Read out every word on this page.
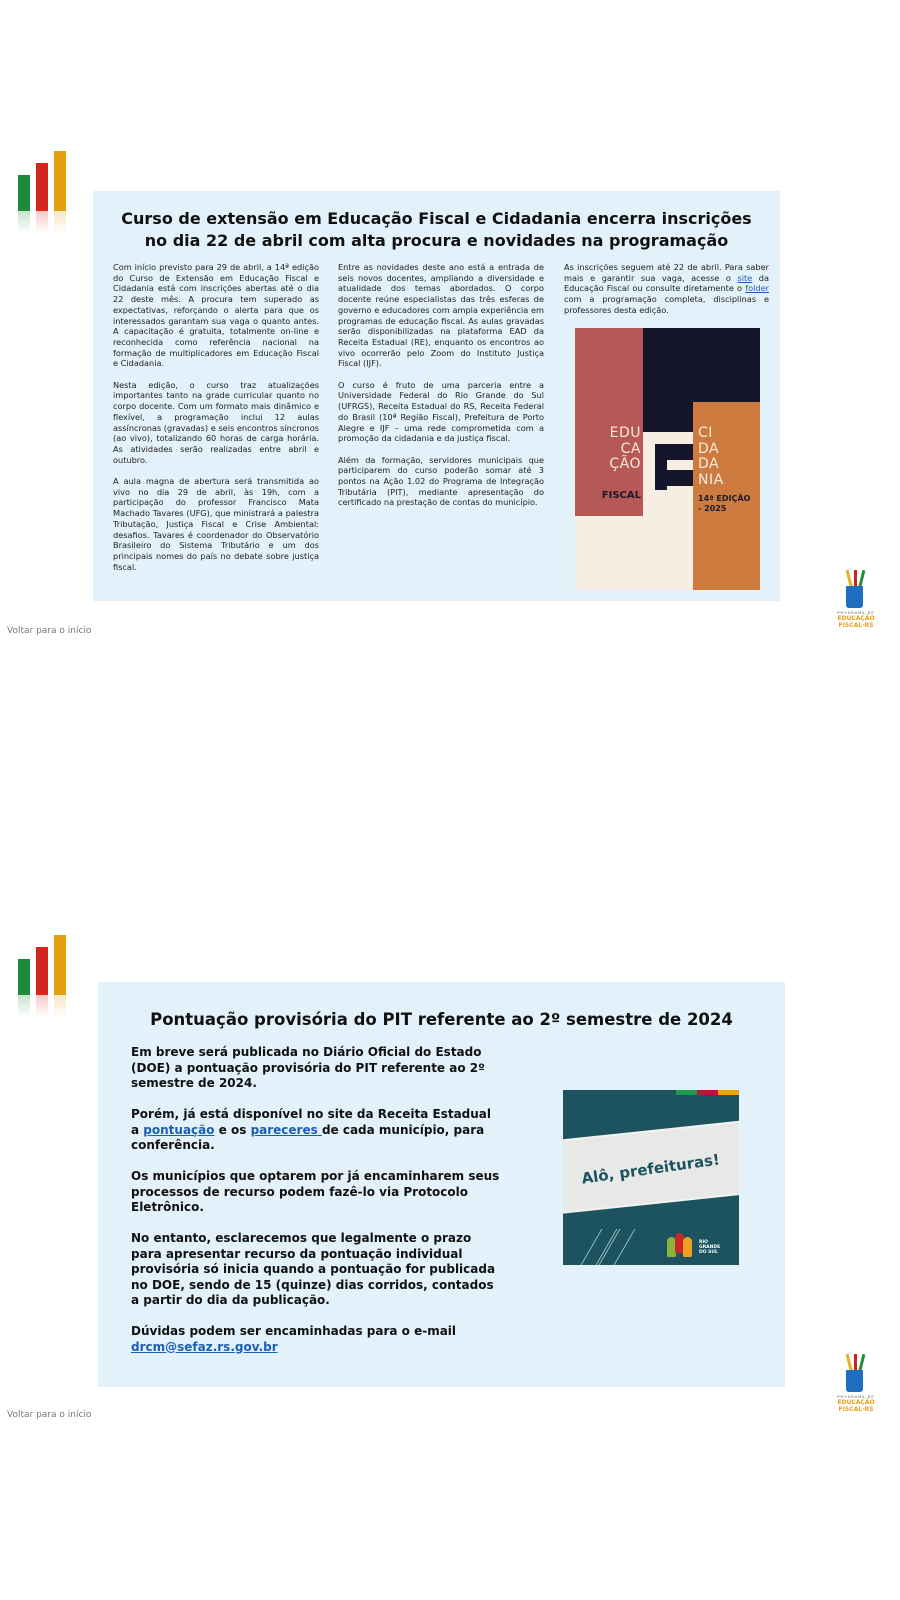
Curso de extensão em Educação Fiscal e Cidadania encerra inscrições no dia 22 de abril com alta procura e novidades na programação

Com início previsto para 29 de abril, a 14ª edição do Curso de Extensão em Educação Fiscal e Cidadania está com inscrições abertas até o dia 22 deste mês. A procura tem superado as expectativas, reforçando o alerta para que os interessados garantam sua vaga o quanto antes. A capacitação é gratuita, totalmente on-line e reconhecida como referência nacional na formação de multiplicadores em Educação Fiscal e Cidadania.

Nesta edição, o curso traz atualizações importantes tanto na grade curricular quanto no corpo docente. Com um formato mais dinâmico e flexível, a programação inclui 12 aulas assíncronas (gravadas) e seis encontros síncronos (ao vivo), totalizando 60 horas de carga horária. As atividades serão realizadas entre abril e outubro.

A aula magna de abertura será transmitida ao vivo no dia 29 de abril, às 19h, com a participação do professor Francisco Mata Machado Tavares (UFG), que ministrará a palestra Tributação, Justiça Fiscal e Crise Ambiental: desafios. Tavares é coordenador do Observatório Brasileiro do Sistema Tributário e um dos principais nomes do país no debate sobre justiça fiscal.

Entre as novidades deste ano está a entrada de seis novos docentes, ampliando a diversidade e atualidade dos temas abordados. O corpo docente reúne especialistas das três esferas de governo e educadores com ampla experiência em programas de educação fiscal. As aulas gravadas serão disponibilizadas na plataforma EAD da Receita Estadual (RE), enquanto os encontros ao vivo ocorrerão pelo Zoom do Instituto Justiça Fiscal (IJF).

O curso é fruto de uma parceria entre a Universidade Federal do Rio Grande do Sul (UFRGS), Receita Estadual do RS, Receita Federal do Brasil (10ª Região Fiscal), Prefeitura de Porto Alegre e IJF – uma rede comprometida com a promoção da cidadania e da justiça fiscal.

Além da formação, servidores municipais que participarem do curso poderão somar até 3 pontos na Ação 1.02 do Programa de Integração Tributária (PIT), mediante apresentação do certificado na prestação de contas do município.

As inscrições seguem até 22 de abril. Para saber mais e garantir sua vaga, acesse o site da Educação Fiscal ou consulte diretamente o folder com a programação completa, disciplinas e professores desta edição.

EDU
CA
ÇÃO
FISCAL
CI
DA
DA
NIA
14ª EDIÇÃO - 2025
Voltar para o início
PROGRAMA DE
EDUCAÇÃO FISCAL-RS
Pontuação provisória do PIT referente ao 2º semestre de 2024

Em breve será publicada no Diário Oficial do Estado (DOE) a pontuação provisória do PIT referente ao 2º semestre de 2024.

Porém, já está disponível no site da Receita Estadual a pontuação e os pareceres de cada município, para conferência.

Os municípios que optarem por já encaminharem seus processos de recurso podem fazê-lo via Protocolo Eletrônico.

No entanto, esclarecemos que legalmente o prazo para apresentar recurso da pontuação individual provisória só inicia quando a pontuação for publicada no DOE, sendo de 15 (quinze) dias corridos, contados a partir do dia da publicação.

Dúvidas podem ser encaminhadas para o e-mail
drcm@sefaz.rs.gov.br

Alô, prefeituras!
RIO GRANDE DO SUL
Voltar para o início
PROGRAMA DE
EDUCAÇÃO FISCAL-RS
